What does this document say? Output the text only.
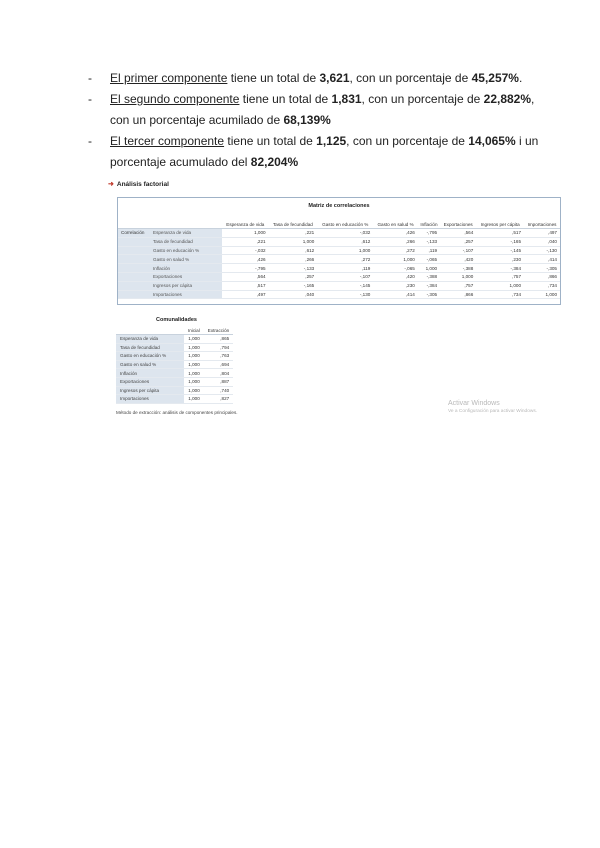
- El primer componente tiene un total de 3,621, con un porcentaje de 45,257%.
- El segundo componente tiene un total de 1,831, con un porcentaje de 22,882%, con un porcentaje acumilado de 68,139%
- El tercer componente tiene un total de 1,125, con un porcentaje de 14,065% i un porcentaje acumulado del 82,204%
➜ Análisis factorial
Matriz de correlaciones
		Esperanza de vida	Tasa de fecundidad	Gasto en educación %	Gasto en salud %	Inflación	Exportaciones	Ingresos per cápita	Importaciones
Correlación	Esperanza de vida	1,000	,221	-,032	,426	-,795	,564	,517	,497
	Tasa de fecundidad	,221	1,000	,612	,266	-,133	,257	-,165	,040
	Gasto en educación %	-,032	,612	1,000	,272	,119	-,107	-,145	-,130
	Gasto en salud %	,426	,266	,272	1,000	-,065	,420	,230	,414
	Inflación	-,795	-,133	,119	-,065	1,000	-,388	-,384	-,305
	Exportaciones	,564	,257	-,107	,420	-,388	1,000	,757	,866
	Ingresos per cápita	,517	-,165	-,145	,230	-,384	,757	1,000	,734
	Importaciones	,497	,040	-,130	,414	-,305	,866	,734	1,000
Comunalidades
	Inicial	Extracción
Esperanza de vida	1,000	,865
Tasa de fecundidad	1,000	,794
Gasto en educación %	1,000	,763
Gasto en salud %	1,000	,694
Inflación	1,000	,804
Exportaciones	1,000	,887
Ingresos per cápita	1,000	,740
Importaciones	1,000	,827
Método de extracción: análisis de componentes principales.
Activar Windows
Ve a Configuración para activar Windows.
